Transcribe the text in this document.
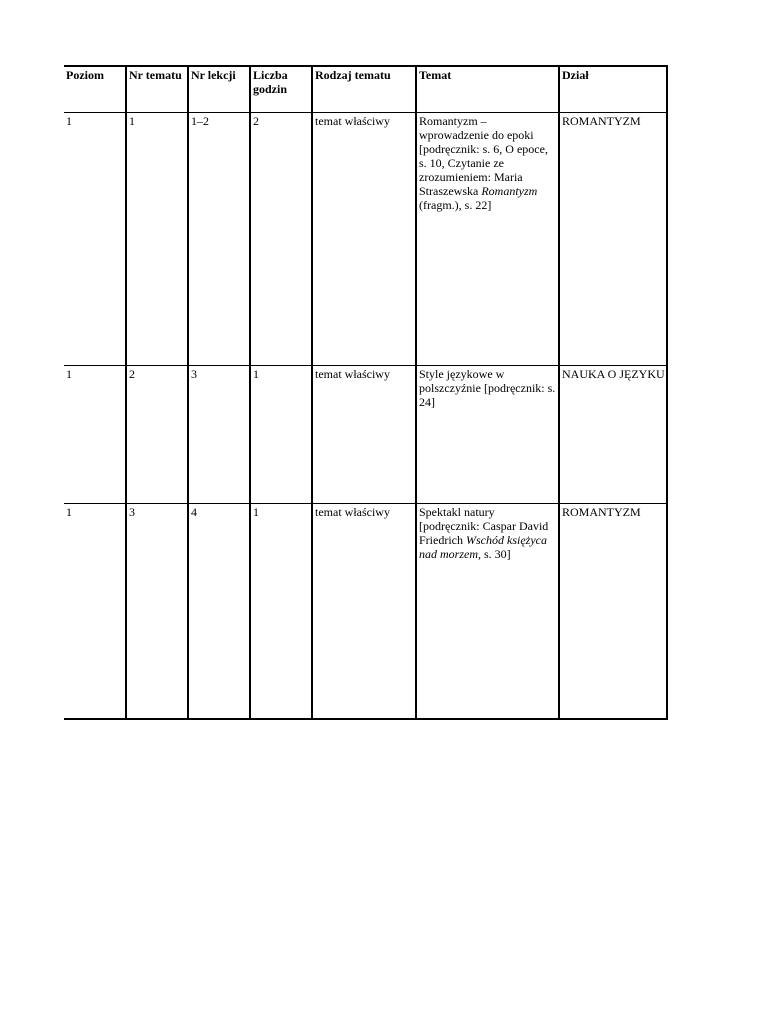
Poziom	Nr tematu	Nr lekcji	Liczba godzin	Rodzaj tematu	Temat	Dział
1	1	1–2	2	temat właściwy	Romantyzm – wprowadzenie do epoki [podręcznik: s. 6, O epoce, s. 10, Czytanie ze zrozumieniem: Maria Straszewska Romantyzm (fragm.), s. 22]	ROMANTYZM
1	2	3	1	temat właściwy	Style językowe w polszczyźnie [podręcznik: s. 24]	NAUKA O JĘZYKU
1	3	4	1	temat właściwy	Spektakl natury [podręcznik: Caspar David Friedrich Wschód księżyca nad morzem, s. 30]	ROMANTYZM
